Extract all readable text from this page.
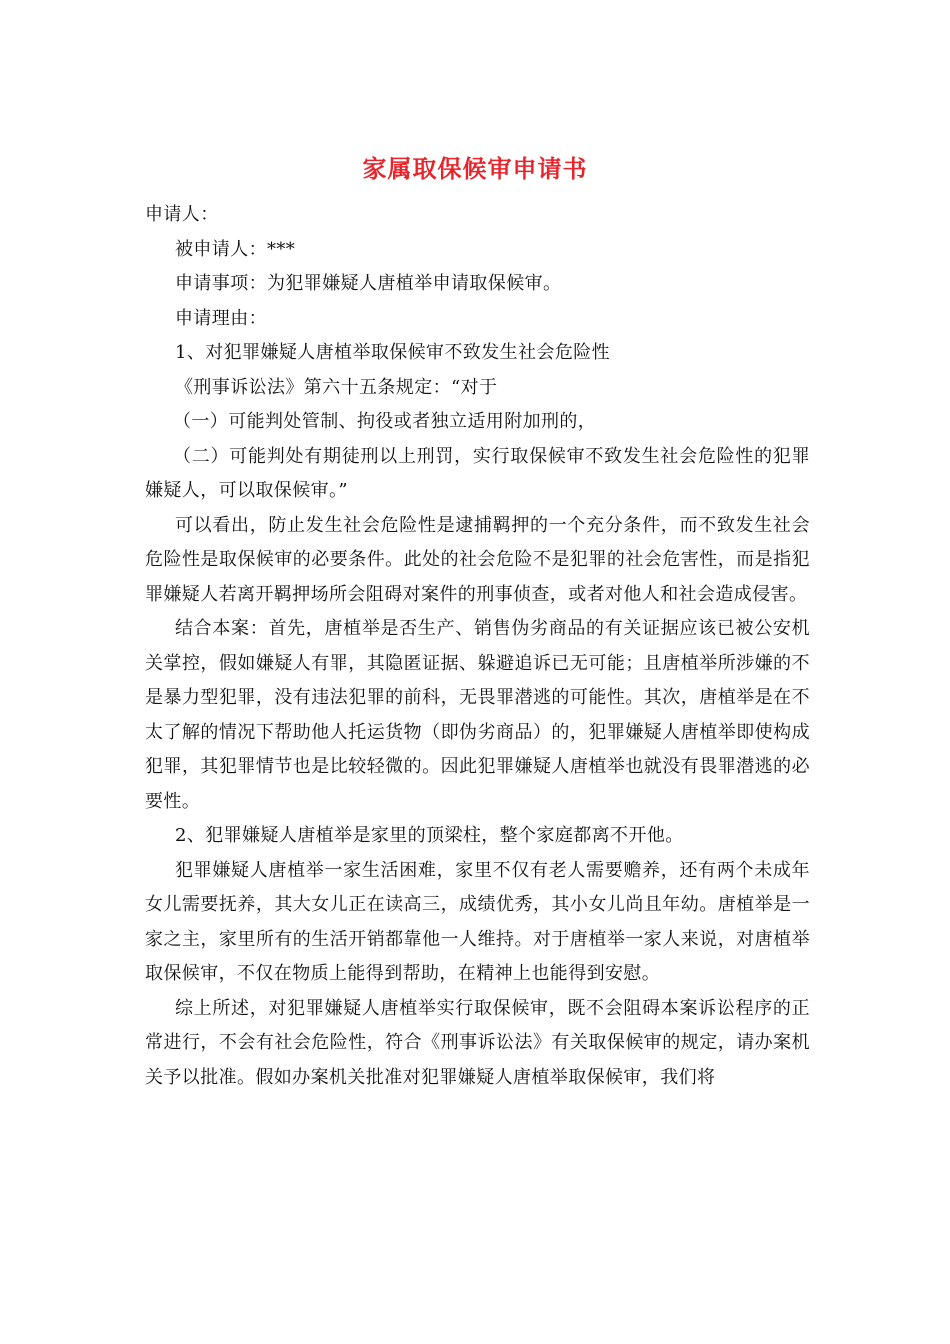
家属取保候审申请书

申请人：

被申请人：***

申请事项：为犯罪嫌疑人唐植举申请取保候审。

申请理由：

1、对犯罪嫌疑人唐植举取保候审不致发生社会危险性

《刑事诉讼法》第六十五条规定：“对于

（一）可能判处管制、拘役或者独立适用附加刑的，

（二）可能判处有期徒刑以上刑罚，实行取保候审不致发生社会危险性的犯罪嫌疑人，可以取保候审。”

可以看出，防止发生社会危险性是逮捕羁押的一个充分条件，而不致发生社会危险性是取保候审的必要条件。此处的社会危险不是犯罪的社会危害性，而是指犯罪嫌疑人若离开羁押场所会阻碍对案件的刑事侦查，或者对他人和社会造成侵害。

结合本案：首先，唐植举是否生产、销售伪劣商品的有关证据应该已被公安机关掌控，假如嫌疑人有罪，其隐匿证据、躲避追诉已无可能；且唐植举所涉嫌的不是暴力型犯罪，没有违法犯罪的前科，无畏罪潜逃的可能性。其次，唐植举是在不太了解的情况下帮助他人托运货物（即伪劣商品）的，犯罪嫌疑人唐植举即使构成犯罪，其犯罪情节也是比较轻微的。因此犯罪嫌疑人唐植举也就没有畏罪潜逃的必要性。

2、犯罪嫌疑人唐植举是家里的顶梁柱，整个家庭都离不开他。

犯罪嫌疑人唐植举一家生活困难，家里不仅有老人需要赡养，还有两个未成年女儿需要抚养，其大女儿正在读高三，成绩优秀，其小女儿尚且年幼。唐植举是一家之主，家里所有的生活开销都靠他一人维持。对于唐植举一家人来说，对唐植举取保候审，不仅在物质上能得到帮助，在精神上也能得到安慰。

综上所述，对犯罪嫌疑人唐植举实行取保候审，既不会阻碍本案诉讼程序的正常进行，不会有社会危险性，符合《刑事诉讼法》有关取保候审的规定，请办案机关予以批准。假如办案机关批准对犯罪嫌疑人唐植举取保候审，我们将
